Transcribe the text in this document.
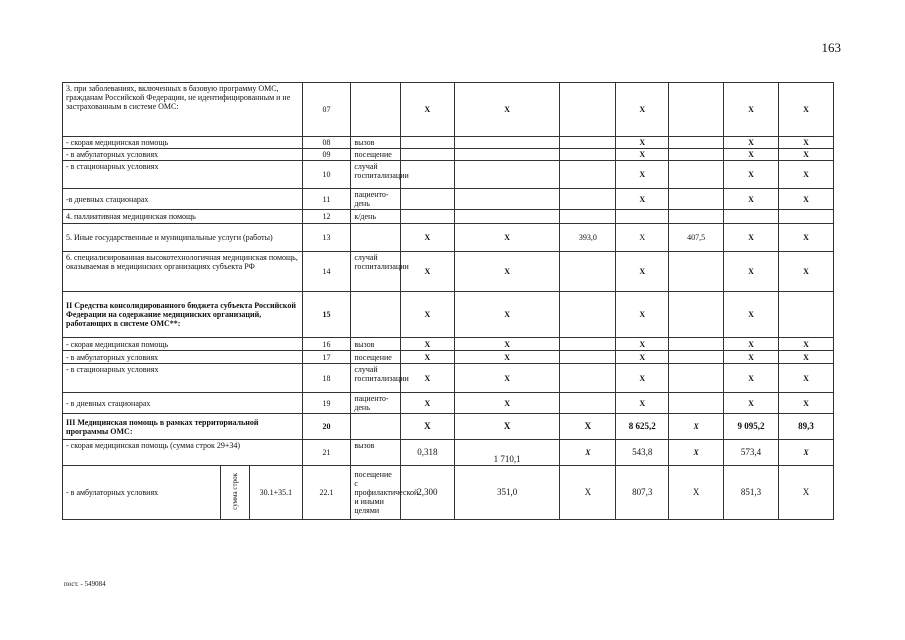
163
3. при заболеваниях, включенных в базовую программу ОМС, гражданам Российской Федерации, не идентифицированным и не застрахованным в системе ОМС:			07		X	X		X		X	X
- скорая медицинская помощь			08	вызов				X		X	X
- в амбулаторных условиях			09	посещение				X		X	X
- в стационарных условиях			10	случай госпитализации				X		X	X
-в дневных стационарах			11	пациенто-день				X		X	X
4. паллиативная медицинская помощь			12	к/день							
5. Иные государственные и муниципальные услуги (работы)			13		X	X	393,0	X	407,5	X	X
6. специализированная высокотехнологичная медицинская помощь, оказываемая в медицинских организациях субъекта РФ			14	случай госпитализации	X	X		X		X	X
II Средства консолидированного бюджета субъекта Российской Федерации на содержание медицинских организаций, работающих в системе ОМС**:			15		X	X		X		X	
- скорая медицинская помощь			16	вызов	X	X		X		X	X
- в амбулаторных условиях			17	посещение	X	X		X		X	X
- в стационарных условиях			18	случай госпитализации	X	X		X		X	X
- в дневных стационарах			19	пациенто-день	X	X		X		X	X
III Медицинская помощь в рамках территориальной программы ОМС:			20		X	X	X	8 625,2	X	9 095,2	89,3
- скорая медицинская помощь (сумма строк 29+34)			21	вызов	0,318	1 710,1	X	543,8	X	573,4	X
- в амбулаторных условиях	сумма строк	30.1+35.1	22.1	посещение с профилактической и иными целями	2,300	351,0	X	807,3	X	851,3	X
пост. - 549084
